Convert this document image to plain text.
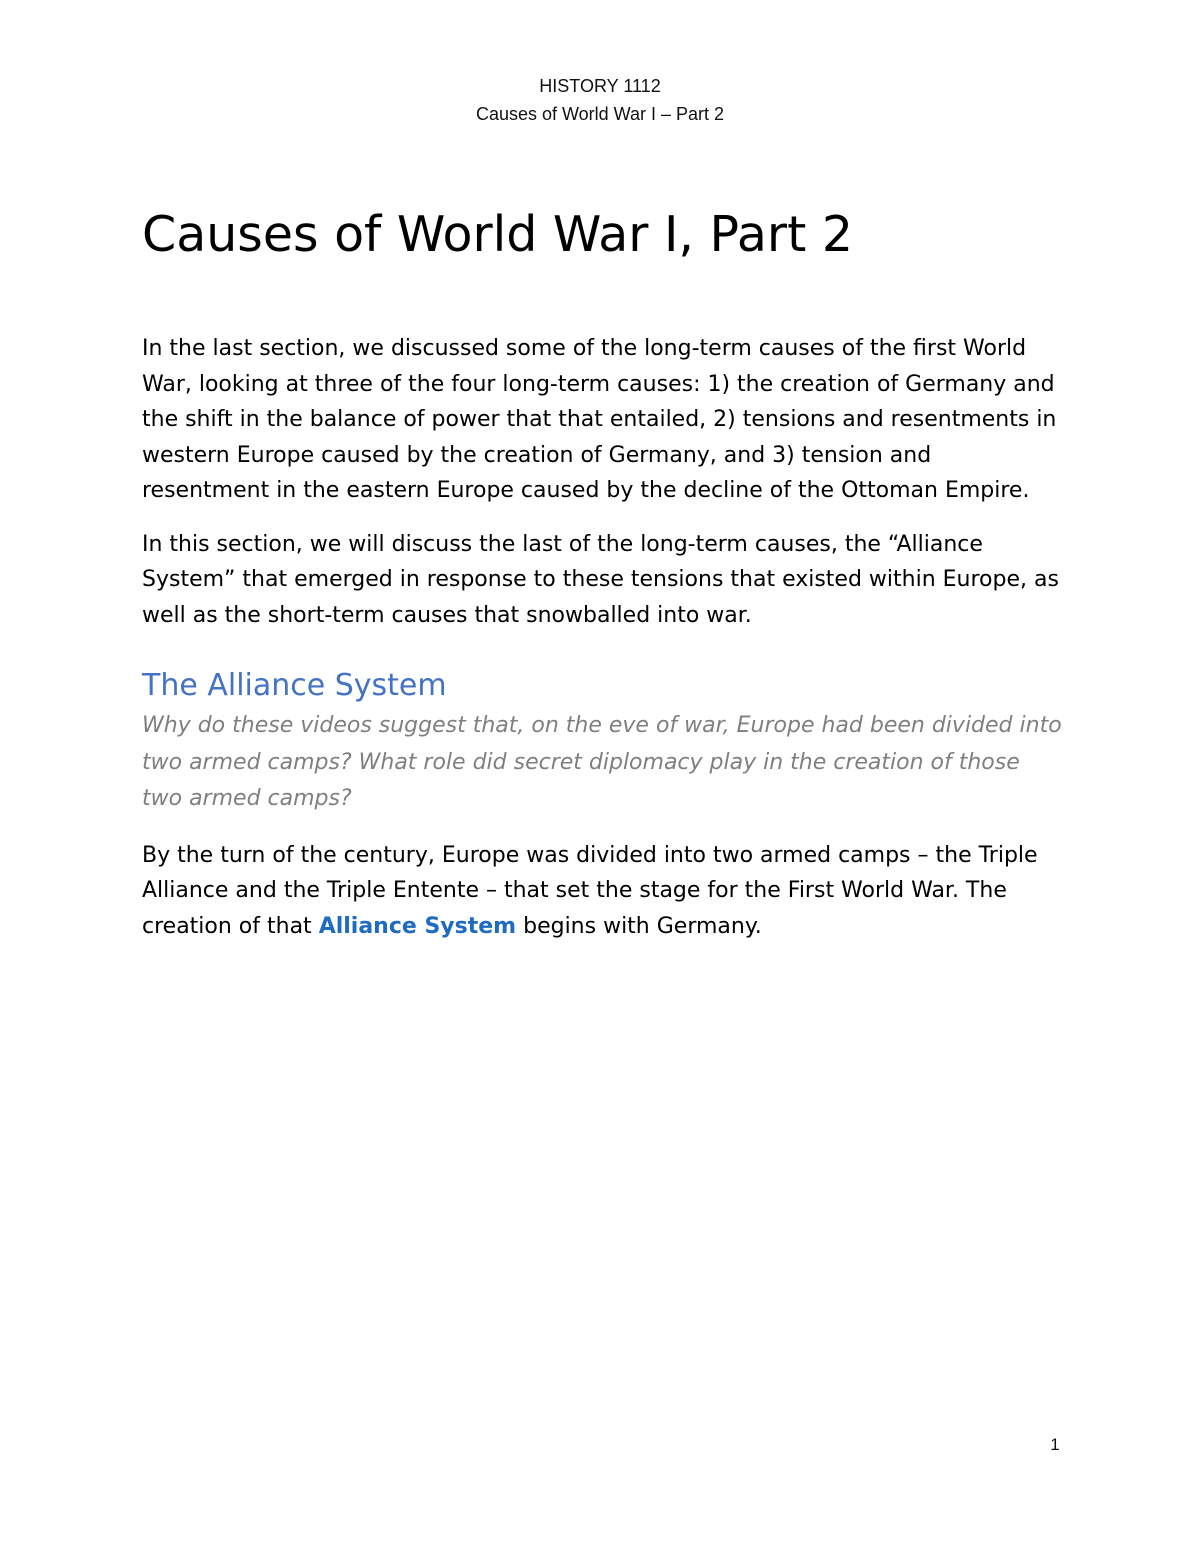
HISTORY 1112
Causes of World War I – Part 2
Causes of World War I, Part 2

In the last section, we discussed some of the long-term causes of the first World War, looking at three of the four long-term causes: 1) the creation of Germany and the shift in the balance of power that that entailed, 2) tensions and resentments in western Europe caused by the creation of Germany, and 3) tension and resentment in the eastern Europe caused by the decline of the Ottoman Empire.

In this section, we will discuss the last of the long-term causes, the “Alliance System” that emerged in response to these tensions that existed within Europe, as well as the short-term causes that snowballed into war.

The Alliance System

Why do these videos suggest that, on the eve of war, Europe had been divided into two armed camps? What role did secret diplomacy play in the creation of those two armed camps?

By the turn of the century, Europe was divided into two armed camps – the Triple Alliance and the Triple Entente – that set the stage for the First World War. The creation of that Alliance System begins with Germany.

1
